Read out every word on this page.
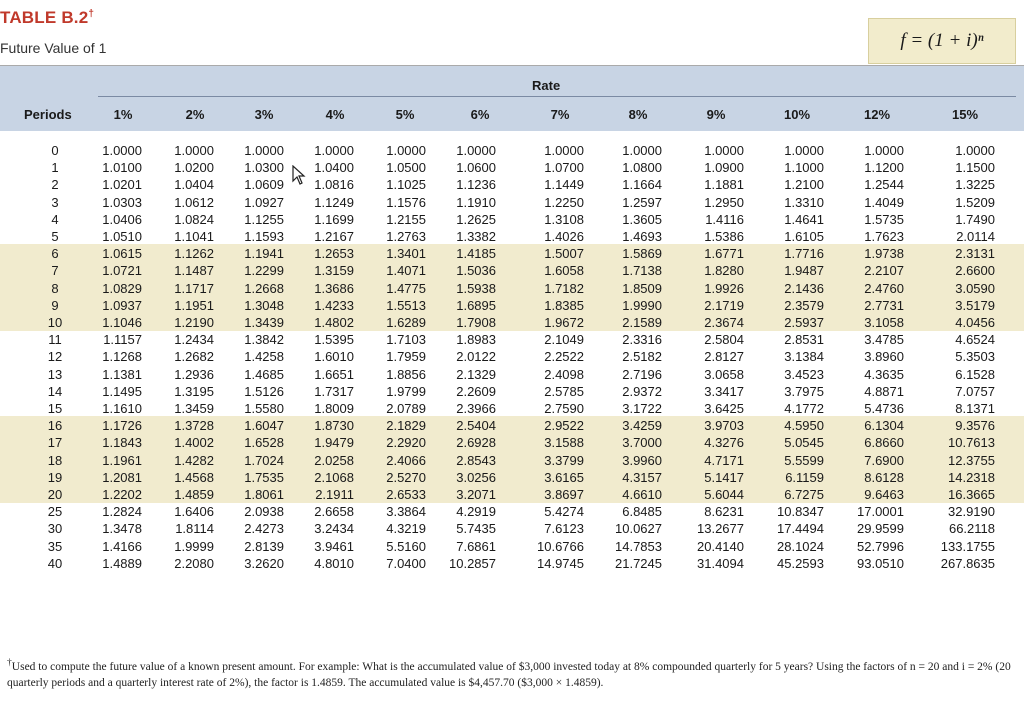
TABLE B.2†
Future Value of 1	f = (1 + i)ⁿ
Rate
Periods	1%	2%	3%	4%	5%	6%	7%	8%	9%	10%	12%	15%
0	1.0000	1.0000	1.0000	1.0000	1.0000	1.0000	1.0000	1.0000	1.0000	1.0000	1.0000	1.0000
1	1.0100	1.0200	1.0300	1.0400	1.0500	1.0600	1.0700	1.0800	1.0900	1.1000	1.1200	1.1500
2	1.0201	1.0404	1.0609	1.0816	1.1025	1.1236	1.1449	1.1664	1.1881	1.2100	1.2544	1.3225
3	1.0303	1.0612	1.0927	1.1249	1.1576	1.1910	1.2250	1.2597	1.2950	1.3310	1.4049	1.5209
4	1.0406	1.0824	1.1255	1.1699	1.2155	1.2625	1.3108	1.3605	1.4116	1.4641	1.5735	1.7490
5	1.0510	1.1041	1.1593	1.2167	1.2763	1.3382	1.4026	1.4693	1.5386	1.6105	1.7623	2.0114
6	1.0615	1.1262	1.1941	1.2653	1.3401	1.4185	1.5007	1.5869	1.6771	1.7716	1.9738	2.3131
7	1.0721	1.1487	1.2299	1.3159	1.4071	1.5036	1.6058	1.7138	1.8280	1.9487	2.2107	2.6600
8	1.0829	1.1717	1.2668	1.3686	1.4775	1.5938	1.7182	1.8509	1.9926	2.1436	2.4760	3.0590
9	1.0937	1.1951	1.3048	1.4233	1.5513	1.6895	1.8385	1.9990	2.1719	2.3579	2.7731	3.5179
10	1.1046	1.2190	1.3439	1.4802	1.6289	1.7908	1.9672	2.1589	2.3674	2.5937	3.1058	4.0456
11	1.1157	1.2434	1.3842	1.5395	1.7103	1.8983	2.1049	2.3316	2.5804	2.8531	3.4785	4.6524
12	1.1268	1.2682	1.4258	1.6010	1.7959	2.0122	2.2522	2.5182	2.8127	3.1384	3.8960	5.3503
13	1.1381	1.2936	1.4685	1.6651	1.8856	2.1329	2.4098	2.7196	3.0658	3.4523	4.3635	6.1528
14	1.1495	1.3195	1.5126	1.7317	1.9799	2.2609	2.5785	2.9372	3.3417	3.7975	4.8871	7.0757
15	1.1610	1.3459	1.5580	1.8009	2.0789	2.3966	2.7590	3.1722	3.6425	4.1772	5.4736	8.1371
16	1.1726	1.3728	1.6047	1.8730	2.1829	2.5404	2.9522	3.4259	3.9703	4.5950	6.1304	9.3576
17	1.1843	1.4002	1.6528	1.9479	2.2920	2.6928	3.1588	3.7000	4.3276	5.0545	6.8660	10.7613
18	1.1961	1.4282	1.7024	2.0258	2.4066	2.8543	3.3799	3.9960	4.7171	5.5599	7.6900	12.3755
19	1.2081	1.4568	1.7535	2.1068	2.5270	3.0256	3.6165	4.3157	5.1417	6.1159	8.6128	14.2318
20	1.2202	1.4859	1.8061	2.1911	2.6533	3.2071	3.8697	4.6610	5.6044	6.7275	9.6463	16.3665
25	1.2824	1.6406	2.0938	2.6658	3.3864	4.2919	5.4274	6.8485	8.6231	10.8347	17.0001	32.9190
30	1.3478	1.8114	2.4273	3.2434	4.3219	5.7435	7.6123	10.0627	13.2677	17.4494	29.9599	66.2118
35	1.4166	1.9999	2.8139	3.9461	5.5160	7.6861	10.6766	14.7853	20.4140	28.1024	52.7996	133.1755
40	1.4889	2.2080	3.2620	4.8010	7.0400	10.2857	14.9745	21.7245	31.4094	45.2593	93.0510	267.8635
†Used to compute the future value of a known present amount. For example: What is the accumulated value of $3,000 invested today at 8% compounded quarterly for 5 years? Using the factors of n = 20 and i = 2% (20 quarterly periods and a quarterly interest rate of 2%), the factor is 1.4859. The accumulated value is $4,457.70 ($3,000 × 1.4859).
